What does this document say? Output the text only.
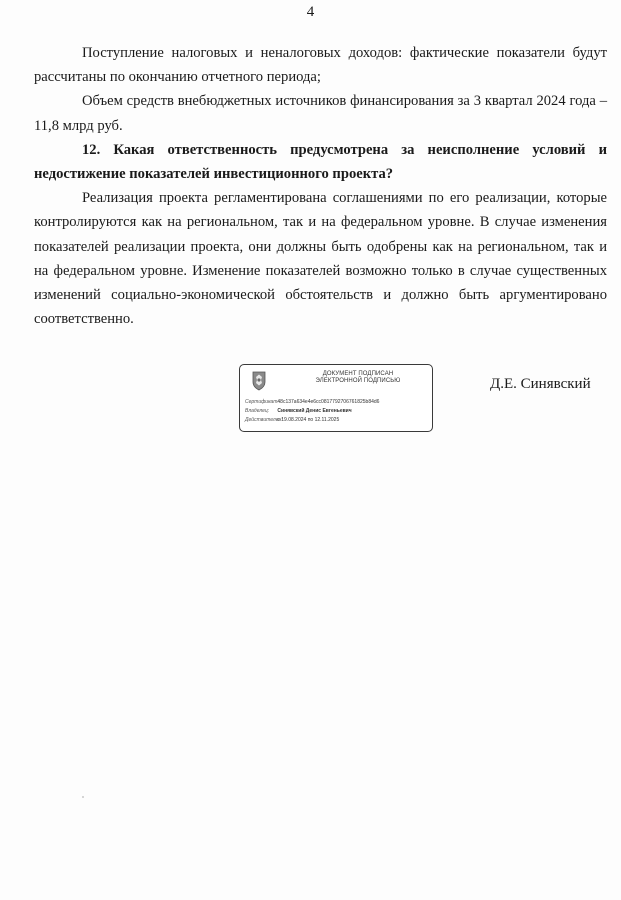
4

Поступление налоговых и неналоговых доходов: фактические показатели будут рассчитаны по окончанию отчетного периода;

Объем средств внебюджетных источников финансирования за 3 квартал 2024 года – 11,8 млрд руб.

12. Какая ответственность предусмотрена за неисполнение условий и недостижение показателей инвестиционного проекта?

Реализация проекта регламентирована соглашениями по его реализации, которые контролируются как на региональном, так и на федеральном уровне. В случае изменения показателей реализации проекта, они должны быть одобрены как на региональном, так и на федеральном уровне. Изменение показателей возможно только в случае существенных изменений социально-экономической обстоятельств и должно быть аргументировано соответственно.

ДОКУМЕНТ ПОДПИСАН
ЭЛЕКТРОННОЙ ПОДПИСЬЮ
Сертификат: 48c137a634e4e6cc0817792706761825b84d6
Владелец: Синявский Денис Евгеньевич
Действителен: с 19.08.2024 по 12.11.2025
Д.Е. Синявский
